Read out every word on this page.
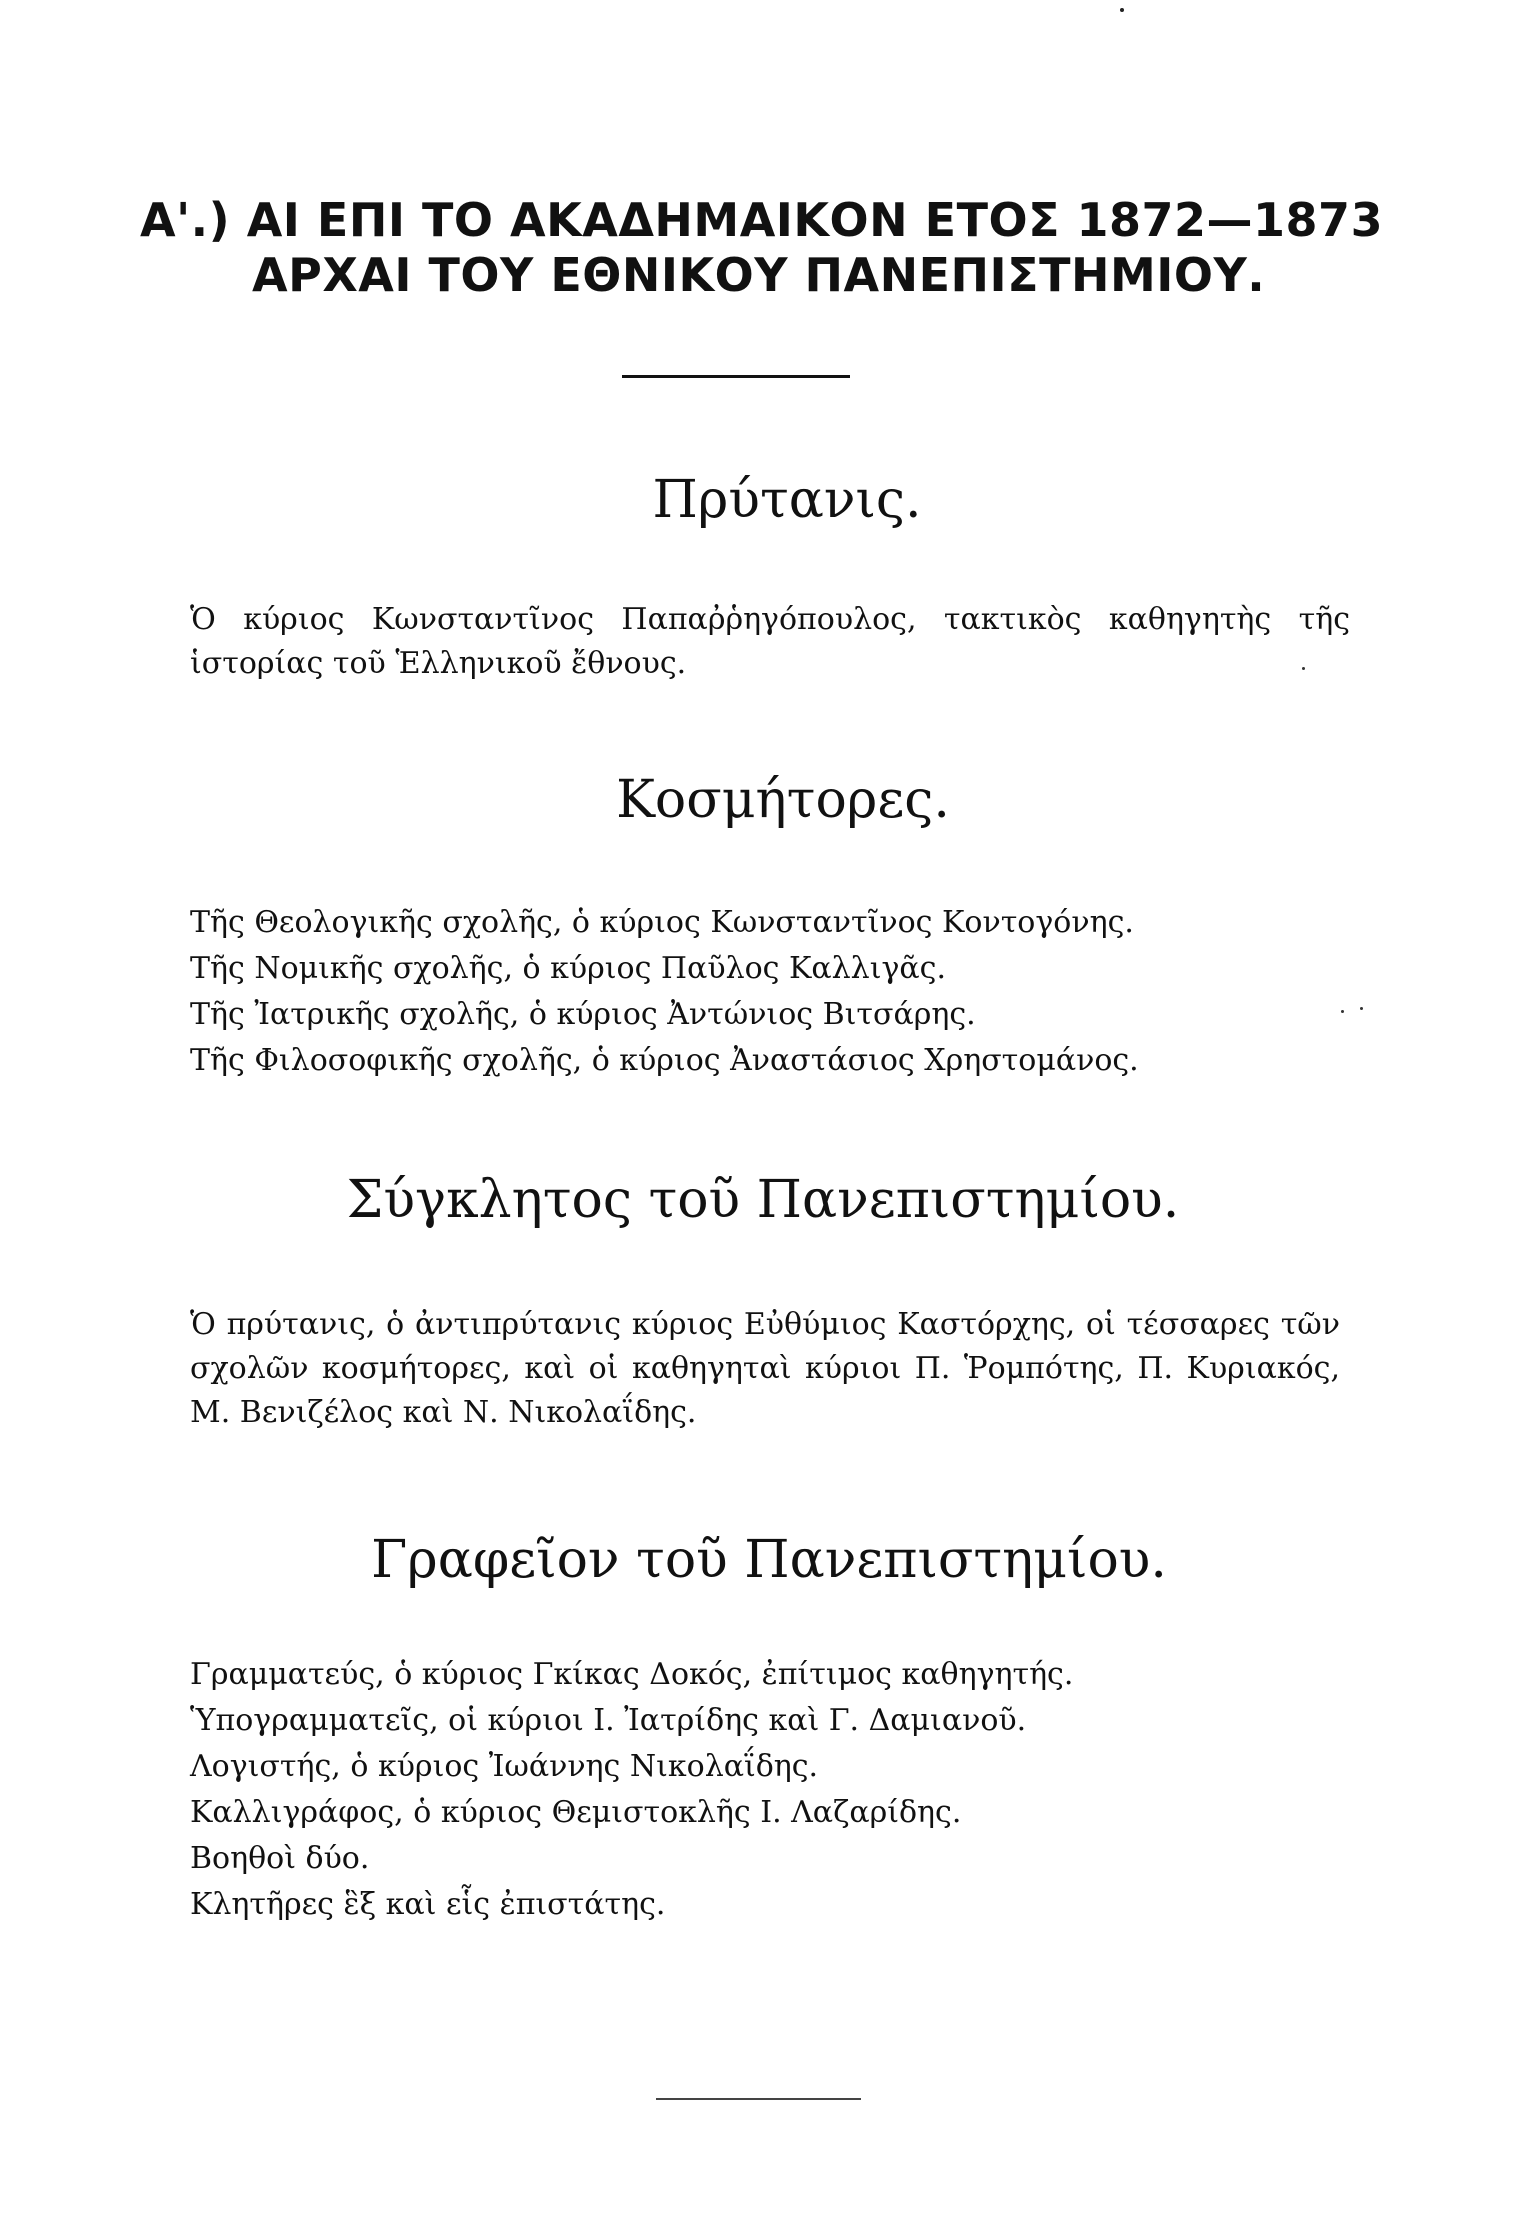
Α'.) ΑΙ ΕΠΙ ΤΟ ΑΚΑΔΗΜΑΙΚΟΝ ΕΤΟΣ 1872—1873
ΑΡΧΑΙ ΤΟΥ ΕΘΝΙΚΟΥ ΠΑΝΕΠΙΣΤΗΜΙΟΥ.
Πρύτανις.

Ὁ κύριος Κωνσταντῖνος Παπαῤῥηγόπουλος, τακτικὸς καθηγητὴς τῆς ἱστορίας τοῦ Ἑλληνικοῦ ἔθνους.

Κοσμήτορες.
Τῆς Θεολογικῆς σχολῆς, ὁ κύριος Κωνσταντῖνος Κοντογόνης.
Τῆς Νομικῆς σχολῆς, ὁ κύριος Παῦλος Καλλιγᾶς.
Τῆς Ἰατρικῆς σχολῆς, ὁ κύριος Ἀντώνιος Βιτσάρης.
Τῆς Φιλοσοφικῆς σχολῆς, ὁ κύριος Ἀναστάσιος Χρηστομάνος.
Σύγκλητος τοῦ Πανεπιστημίου.

Ὁ πρύτανις, ὁ ἀντιπρύτανις κύριος Εὐθύμιος Καστόρχης, οἱ τέσσαρες τῶν σχολῶν κοσμήτορες, καὶ οἱ καθηγηταὶ κύριοι Π. Ῥομπότης, Π. Κυριακός, Μ. Βενιζέλος καὶ Ν. Νικολαΐδης.

Γραφεῖον τοῦ Πανεπιστημίου.
Γραμματεύς, ὁ κύριος Γκίκας Δοκός, ἐπίτιμος καθηγητής.
Ὑπογραμματεῖς, οἱ κύριοι Ι. Ἰατρίδης καὶ Γ. Δαμιανοῦ.
Λογιστής, ὁ κύριος Ἰωάννης Νικολαΐδης.
Καλλιγράφος, ὁ κύριος Θεμιστοκλῆς Ι. Λαζαρίδης.
Βοηθοὶ δύο.
Κλητῆρες ἓξ καὶ εἷς ἐπιστάτης.
